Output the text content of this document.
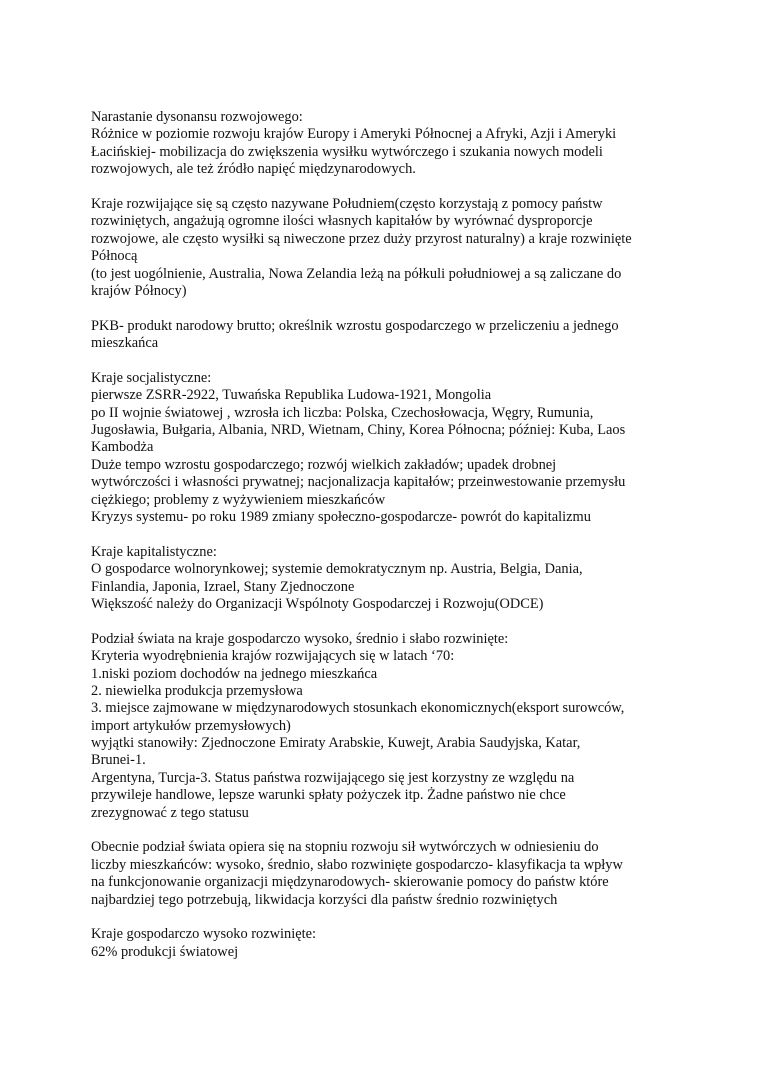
Narastanie dysonansu rozwojowego:
Różnice w poziomie rozwoju krajów Europy i Ameryki Północnej a Afryki, Azji i Ameryki
Łacińskiej- mobilizacja do zwiększenia wysiłku wytwórczego i szukania nowych modeli
rozwojowych, ale też źródło napięć międzynarodowych.
Kraje rozwijające się są często nazywane Południem(często korzystają z pomocy państw
rozwiniętych, angażują ogromne ilości własnych kapitałów by wyrównać dysproporcje
rozwojowe, ale często wysiłki są niweczone przez duży przyrost naturalny) a kraje rozwinięte
Północą
(to jest uogólnienie, Australia, Nowa Zelandia leżą na półkuli południowej a są zaliczane do
krajów Północy)
PKB- produkt narodowy brutto; określnik wzrostu gospodarczego w przeliczeniu a jednego
mieszkańca
Kraje socjalistyczne:
pierwsze ZSRR-2922, Tuwańska Republika Ludowa-1921, Mongolia
po II wojnie światowej , wzrosła ich liczba: Polska, Czechosłowacja, Węgry, Rumunia,
Jugosławia, Bułgaria, Albania, NRD, Wietnam, Chiny, Korea Północna; później: Kuba, Laos
Kambodża
Duże tempo wzrostu gospodarczego; rozwój wielkich zakładów; upadek drobnej
wytwórczości i własności prywatnej; nacjonalizacja kapitałów; przeinwestowanie przemysłu
ciężkiego; problemy z wyżywieniem mieszkańców
Kryzys systemu- po roku 1989 zmiany społeczno-gospodarcze- powrót do kapitalizmu
Kraje kapitalistyczne:
O gospodarce wolnorynkowej; systemie demokratycznym np. Austria, Belgia, Dania,
Finlandia, Japonia, Izrael, Stany Zjednoczone
Większość należy do Organizacji Wspólnoty Gospodarczej i Rozwoju(ODCE)
Podział świata na kraje gospodarczo wysoko, średnio i słabo rozwinięte:
Kryteria wyodrębnienia krajów rozwijających się w latach ‘70:
1.niski poziom dochodów na jednego mieszkańca
2. niewielka produkcja przemysłowa
3. miejsce zajmowane w międzynarodowych stosunkach ekonomicznych(eksport surowców,
import artykułów przemysłowych)
wyjątki stanowiły: Zjednoczone Emiraty Arabskie, Kuwejt, Arabia Saudyjska, Katar,
Brunei-1.
Argentyna, Turcja-3. Status państwa rozwijającego się jest korzystny ze względu na
przywileje handlowe, lepsze warunki spłaty pożyczek itp. Żadne państwo nie chce
zrezygnować z tego statusu
Obecnie podział świata opiera się na stopniu rozwoju sił wytwórczych w odniesieniu do
liczby mieszkańców: wysoko, średnio, słabo rozwinięte gospodarczo- klasyfikacja ta wpływ
na funkcjonowanie organizacji międzynarodowych- skierowanie pomocy do państw które
najbardziej tego potrzebują, likwidacja korzyści dla państw średnio rozwiniętych
Kraje gospodarczo wysoko rozwinięte:
62% produkcji światowej
